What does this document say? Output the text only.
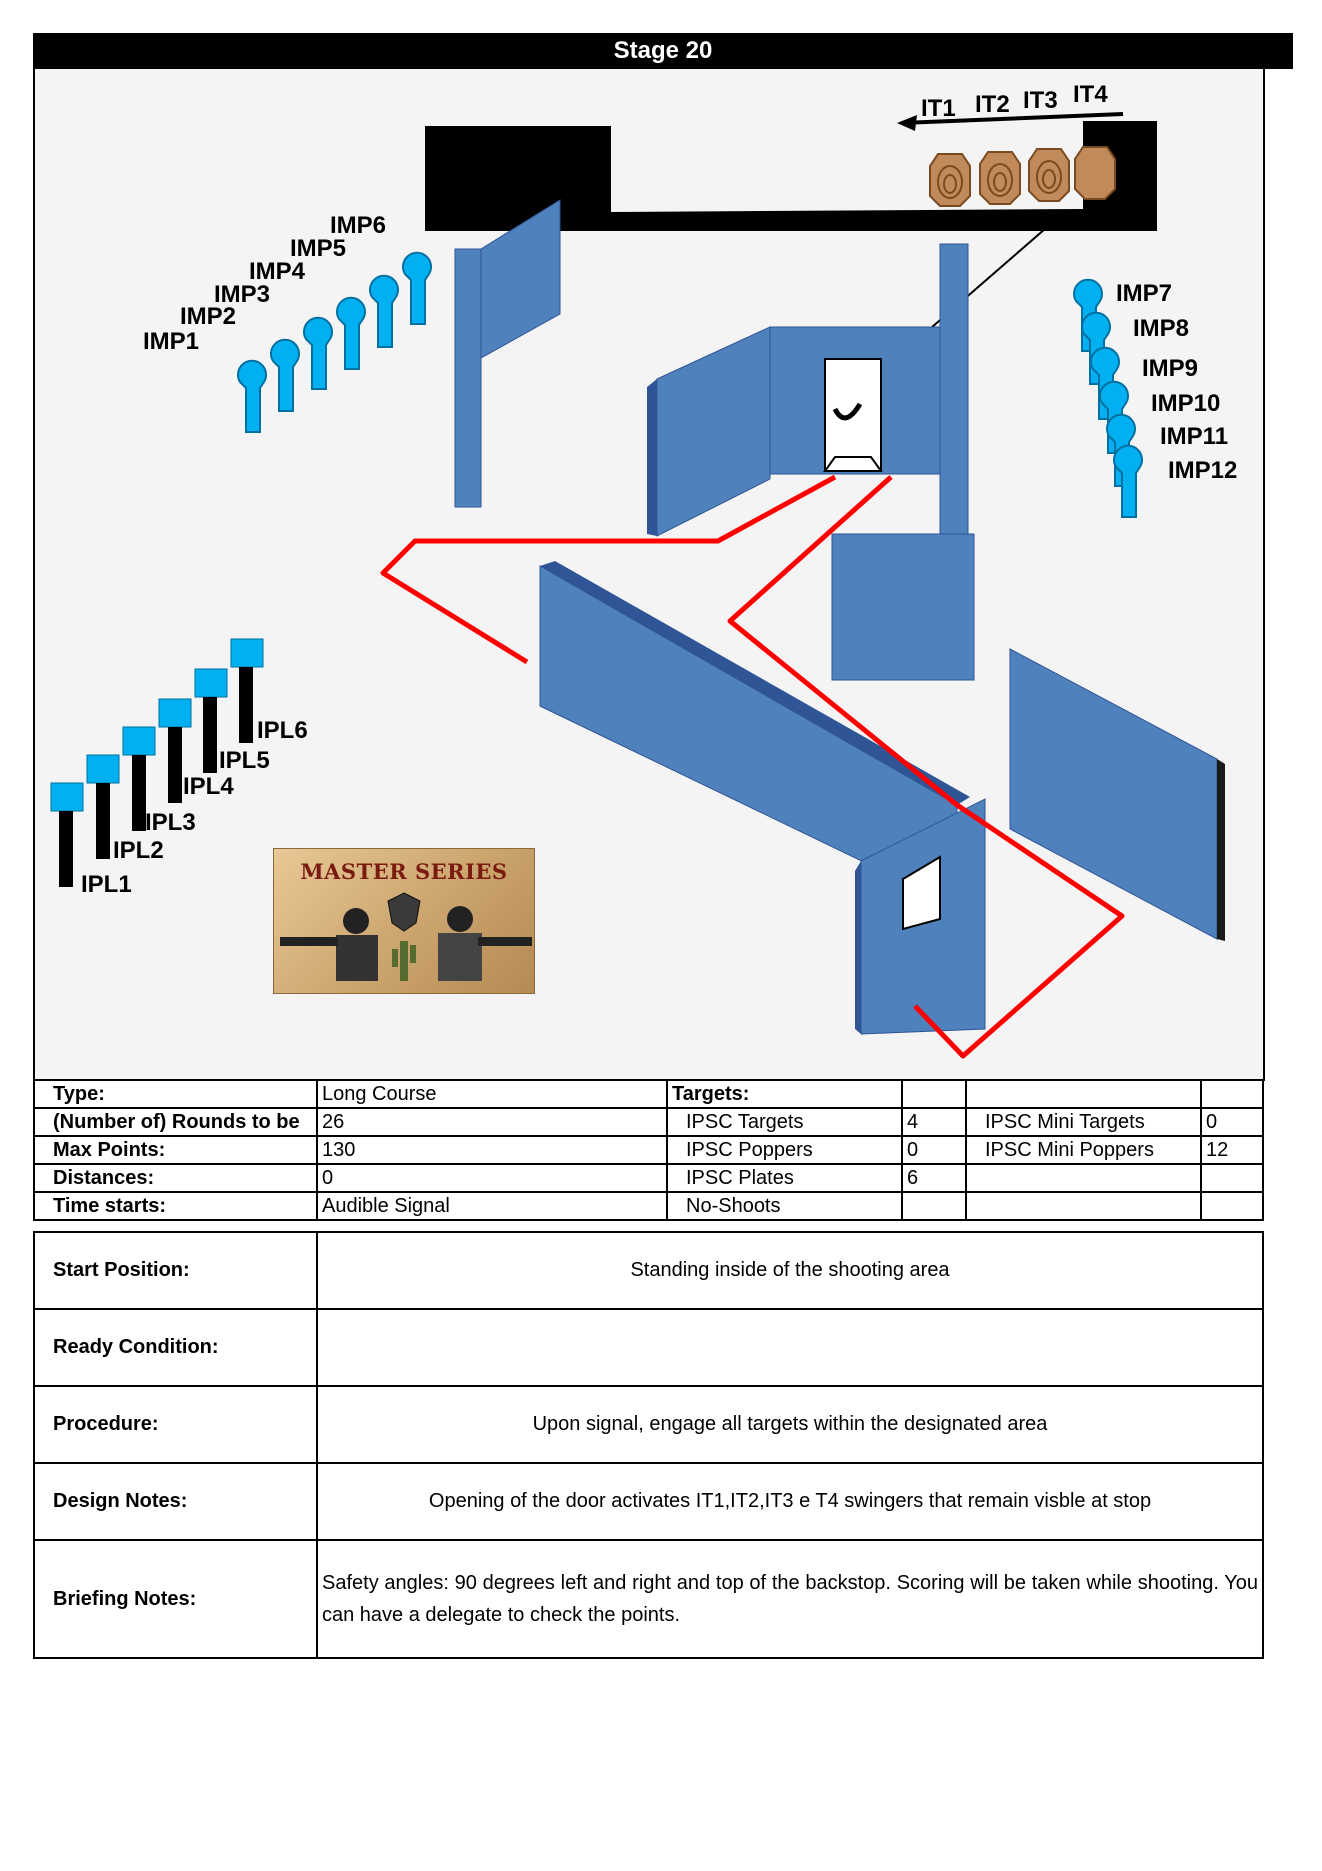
Stage 20
IT1 IT2 IT3 IT4
IMP1
IMP2
IMP3
IMP4
IMP5
IMP6
IMP7
IMP8
IMP9
IMP10
IMP11
IMP12
IPL1
IPL2
IPL3
IPL4
IPL5
IPL6
MASTER SERIES
Type:	Long Course	Targets:			
(Number of) Rounds to be	26	IPSC Targets	4	IPSC Mini Targets	0
Max Points:	130	IPSC Poppers	0	IPSC Mini Poppers	12
Distances:	0	IPSC Plates	6		
Time starts:	Audible Signal	No-Shoots			
Start Position:	Standing inside of the shooting area
Ready Condition:	
Procedure:	Upon signal, engage all targets within the designated area
Design Notes:	Opening of the door activates IT1,IT2,IT3 e T4 swingers that remain visble at stop
Briefing Notes:	Safety angles: 90 degrees left and right and top of the backstop. Scoring will be taken while shooting. You can have a delegate to check the points.
